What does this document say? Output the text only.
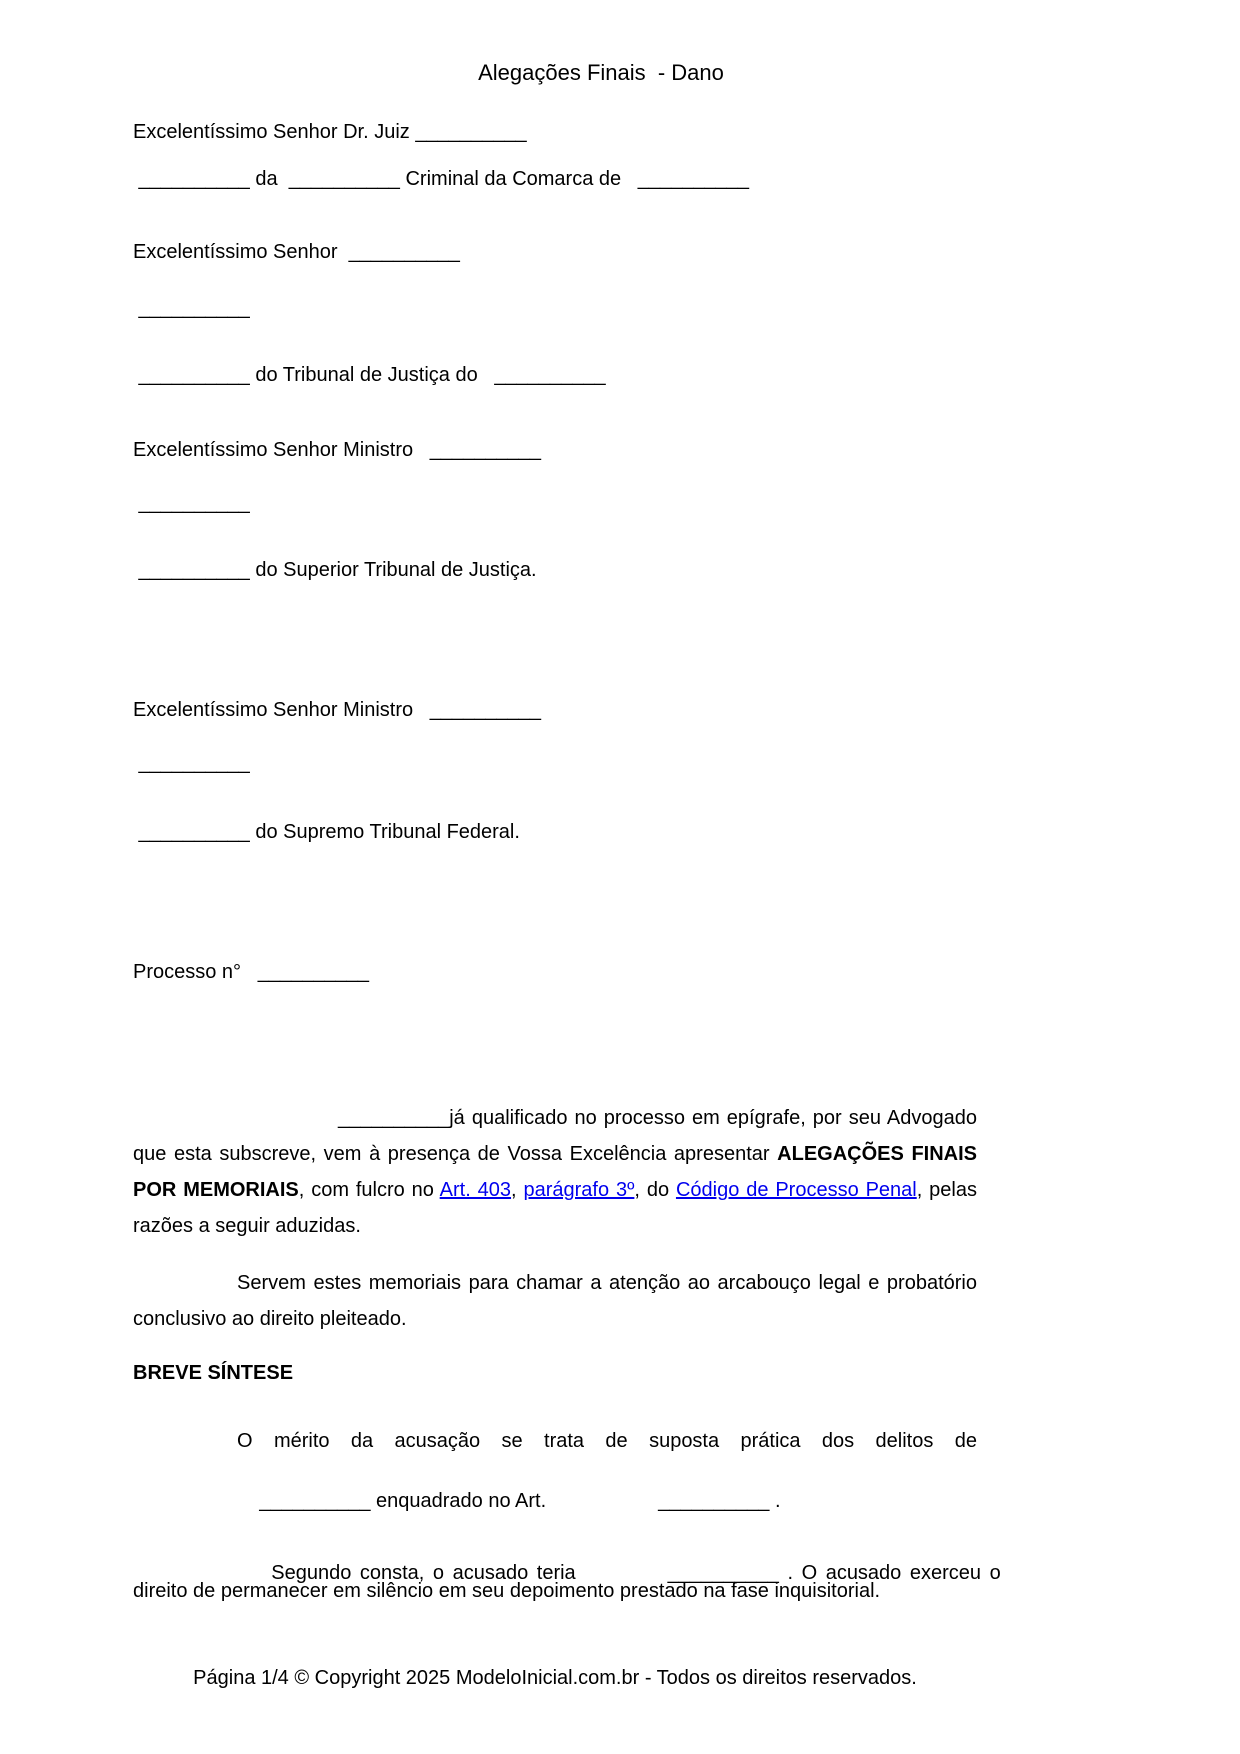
Alegações Finais  - Dano
Excelentíssimo Senhor Dr. Juiz __________
__________ da  __________ Criminal da Comarca de   __________
Excelentíssimo Senhor  __________
__________
__________ do Tribunal de Justiça do   __________
Excelentíssimo Senhor Ministro   __________
__________
__________ do Superior Tribunal de Justiça.
Excelentíssimo Senhor Ministro   __________
__________
__________ do Supremo Tribunal Federal.
Processo n°   __________
__________já qualificado no processo em epígrafe, por seu Advogado que esta subscreve, vem à presença de Vossa Excelência apresentar ALEGAÇÕES FINAIS POR MEMORIAIS, com fulcro no Art. 403, parágrafo 3º, do Código de Processo Penal, pelas razões a seguir aduzidas.
Servem estes memoriais para chamar a atenção ao arcabouço legal e probatório conclusivo ao direito pleiteado.
BREVE SÍNTESE
O mérito da acusação se trata de suposta prática dos delitos de

__________ enquadrado no Art.	__________ .

Segundo consta, o acusado teria	__________ . O acusado exerceu o

direito de permanecer em silêncio em seu depoimento prestado na fase inquisitorial.
Página 1/4 © Copyright 2025 ModeloInicial.com.br - Todos os direitos reservados.
